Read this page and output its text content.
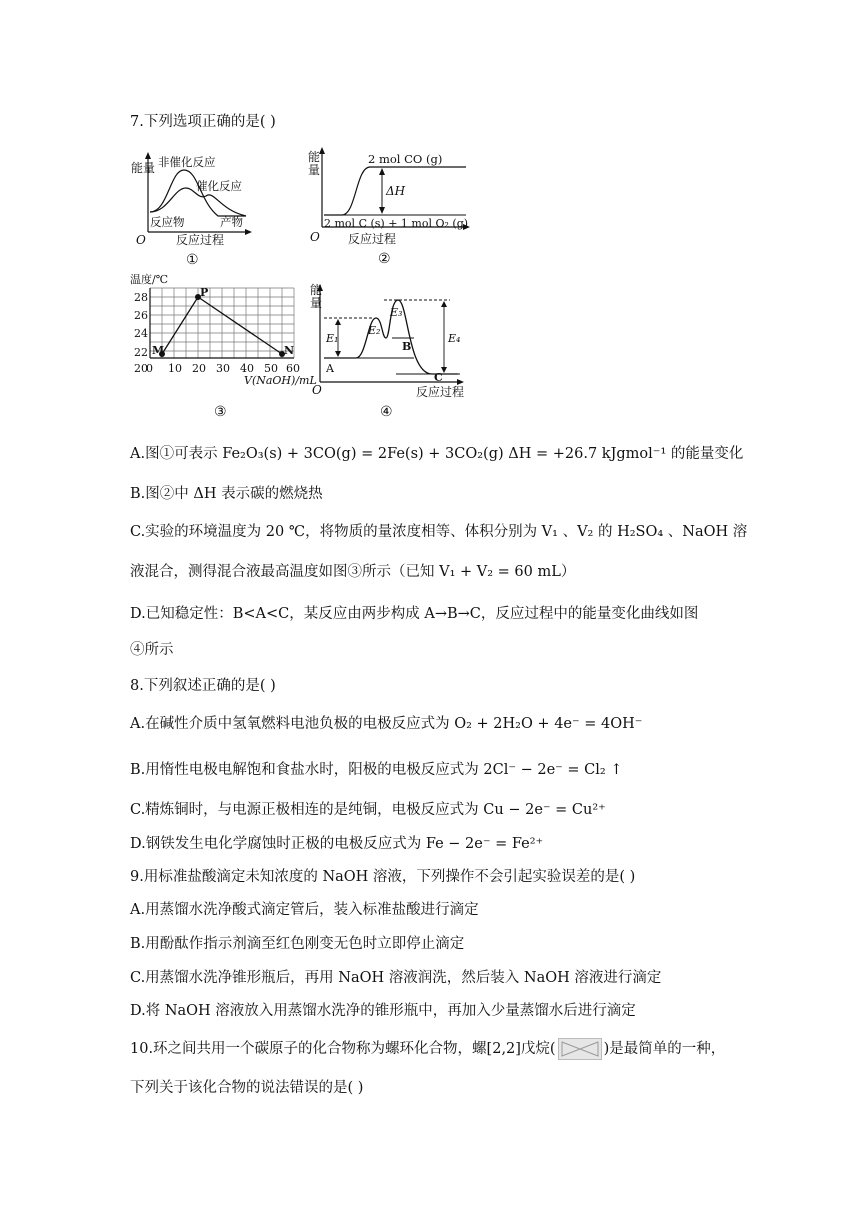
7.下列选项正确的是( )
能量
O	反应过程
非催化反应
催化反应
反应物	产物
①
能
量
O 反应过程
2 mol CO (g)
ΔH
2 mol C (s) + 1 mol O₂ (g)
②
温度/℃
28
26
24
22
20
0 10 20 30 40 50 60
V(NaOH)/mL
M
P
N
③
能
量
O	反应过程
E₁
E₂
E₃
E₄
A
B
C
④
A.图①可表示 Fe₂O₃(s) + 3CO(g) = 2Fe(s) + 3CO₂(g) ΔH = +26.7 kJgmol⁻¹ 的能量变化
B.图②中 ΔH 表示碳的燃烧热
C.实验的环境温度为 20 ℃，将物质的量浓度相等、体积分别为 V₁ 、V₂ 的 H₂SO₄ 、NaOH 溶
液混合，测得混合液最高温度如图③所示（已知 V₁ + V₂ = 60 mL）
D.已知稳定性：B<A<C，某反应由两步构成 A→B→C，反应过程中的能量变化曲线如图
④所示
8.下列叙述正确的是( )
A.在碱性介质中氢氧燃料电池负极的电极反应式为 O₂ + 2H₂O + 4e⁻ = 4OH⁻
B.用惰性电极电解饱和食盐水时，阳极的电极反应式为 2Cl⁻ − 2e⁻ = Cl₂ ↑
C.精炼铜时，与电源正极相连的是纯铜，电极反应式为 Cu − 2e⁻ = Cu²⁺
D.钢铁发生电化学腐蚀时正极的电极反应式为 Fe − 2e⁻ = Fe²⁺
9.用标准盐酸滴定未知浓度的 NaOH 溶液，下列操作不会引起实验误差的是( )
A.用蒸馏水洗净酸式滴定管后，装入标准盐酸进行滴定
B.用酚酞作指示剂滴至红色刚变无色时立即停止滴定
C.用蒸馏水洗净锥形瓶后，再用 NaOH 溶液润洗，然后装入 NaOH 溶液进行滴定
D.将 NaOH 溶液放入用蒸馏水洗净的锥形瓶中，再加入少量蒸馏水后进行滴定
10.环之间共用一个碳原子的化合物称为螺环化合物，螺[2,2]戊烷(	)是最简单的一种，
下列关于该化合物的说法错误的是( )
